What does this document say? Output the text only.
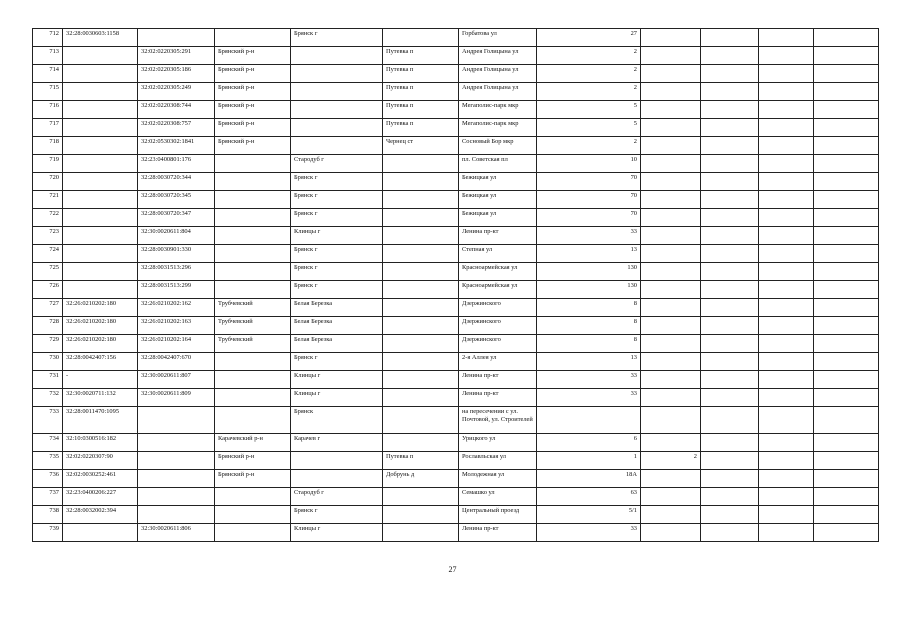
712	32:28:0030603:1158			Брянск г		Горбатова ул	27				
713		32:02:0220305:291	Брянский р-н		Путевка п	Андрея Голицына ул	2				
714		32:02:0220305:186	Брянский р-н		Путевка п	Андрея Голицына ул	2				
715		32:02:0220305:249	Брянский р-н		Путевка п	Андрея Голицына ул	2				
716		32:02:0220308:744	Брянский р-н		Путевка п	Мегаполис-парк мкр	5				
717		32:02:0220308:757	Брянский р-н		Путевка п	Мегаполис-парк мкр	5				
718		32:02:0530302:1841	Брянский р-н		Чернец ст	Сосновый Бор мкр	2				
719		32:23:0400801:176		Стародуб г		пл. Советская пл	10				
720		32:28:0030720:344		Брянск г		Бежицкая ул	70				
721		32:28:0030720:345		Брянск г		Бежицкая ул	70				
722		32:28:0030720:347		Брянск г		Бежицкая ул	70				
723		32:30:0020611:804		Клинцы г		Ленина пр-кт	33				
724		32:28:0030901:330		Брянск г		Степная ул	13				
725		32:28:0031513:296		Брянск г		Красноармейская ул	130				
726		32:28:0031513:299		Брянск г		Красноармейская ул	130				
727	32:26:0210202:180	32:26:0210202:162	Трубчевский	Белая Березка		Дзержинского	8				
728	32:26:0210202:180	32:26:0210202:163	Трубчевский	Белая Березка		Дзержинского	8				
729	32:26:0210202:180	32:26:0210202:164	Трубчевский	Белая Березка		Дзержинского	8				
730	32:28:0042407:156	32:28:0042407:670		Брянск г		2-я Аллея ул	13				
731	-	32:30:0020611:807		Клинцы г		Ленина пр-кт	33				
732	32:30:0020711:132	32:30:0020611:809		Клинцы г		Ленина пр-кт	33				
733	32:28:0011470:1095			Брянск		на пересечении с ул. Почтовой, ул. Строителей					
734	32:10:0300516:182		Карачевский р-н	Карачев г		Урицкого ул	6				
735	32:02:0220307:90		Брянский р-н		Путевка п	Рославльская ул	1	2			
736	32:02:0030252:461		Брянский р-н		Добрунь д	Молодежная ул	18А				
737	32:23:0400206:227			Стародуб г		Семашко ул	63				
738	32:28:0032002:394			Брянск г		Центральный проезд	5/1				
739		32:30:0020611:806		Клинцы г		Ленина пр-кт	33				
27
